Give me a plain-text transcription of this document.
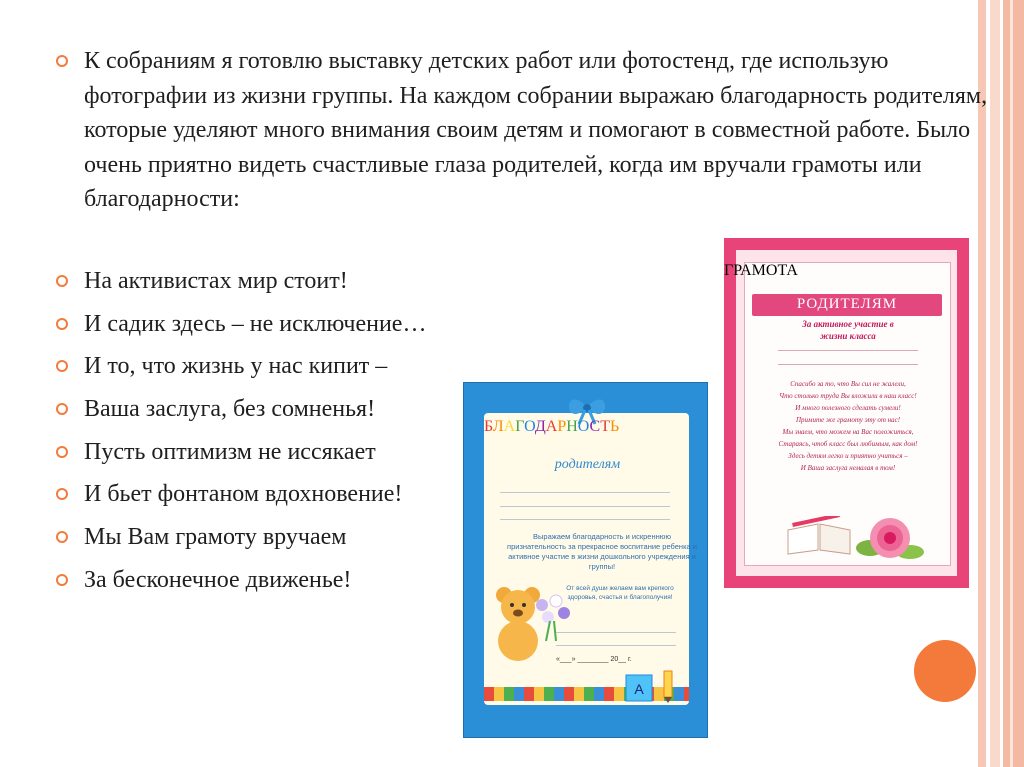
К собраниям я готовлю выставку детских работ или фотостенд, где использую фотографии из жизни группы. На каждом собрании выражаю благодарность родителям, которые уделяют много внимания своим детям и помогают в совместной работе. Было очень приятно видеть счастливые глаза родителей, когда им вручали грамоты или благодарности:
На активистах мир стоит!
И садик здесь – не исключение…
И то, что жизнь у нас кипит –
Ваша заслуга, без сомненья!
Пусть оптимизм не иссякает
И бьет фонтаном вдохновение!
Мы Вам грамоту вручаем
За бесконечное движенье!
А
БЛАГОДАРНОСТЬ
родителям
Выражаем благодарность и искреннюю признательность за прекрасное воспитание ребенка и активное участие в жизни дошкольного учреждения и группы!
От всей души желаем вам крепкого здоровья, счастья и благополучия!
«___» ________ 20__ г.
ГРАМОТА
РОДИТЕЛЯМ
За активное участие в жизни класса
Спасибо за то, что Вы сил не жалели,
Что столько труда Вы вложили в наш класс!
И много полезного сделать сумели!
Примите же грамоту эту от нас!
Мы знаем, что можем на Вас положиться,
Стараясь, чтоб класс был любимым, как дом!
Здесь детям легко и приятно учиться –
И Ваша заслуга немалая в том!
